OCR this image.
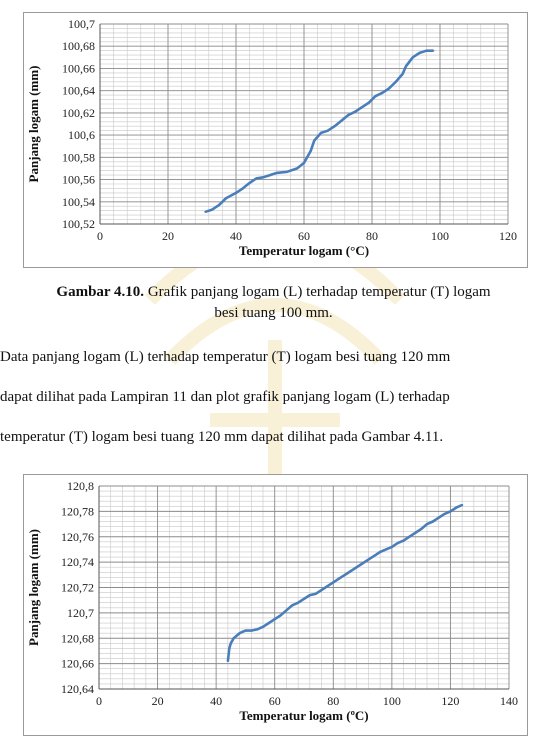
0	20	40	60	80	100	120
100,52
100,54
100,56
100,58
100,6
100,62
100,64
100,66
100,68
100,7
Temperatur logam (°C)
Panjang logam (mm)
Gambar 4.10. Grafik panjang logam (L) terhadap temperatur (T) logam
besi tuang 100 mm.
Data panjang logam (L) terhadap temperatur (T) logam besi tuang 120 mm
dapat dilihat pada Lampiran 11 dan plot grafik panjang logam (L) terhadap
temperatur (T) logam besi tuang 120 mm dapat dilihat pada Gambar 4.11.
0	20	40	60	80	100	120	140
120,64
120,66
120,68
120,7
120,72
120,74
120,76
120,78
120,8
Temperatur logam (ºC)
Panjang logam (mm)
